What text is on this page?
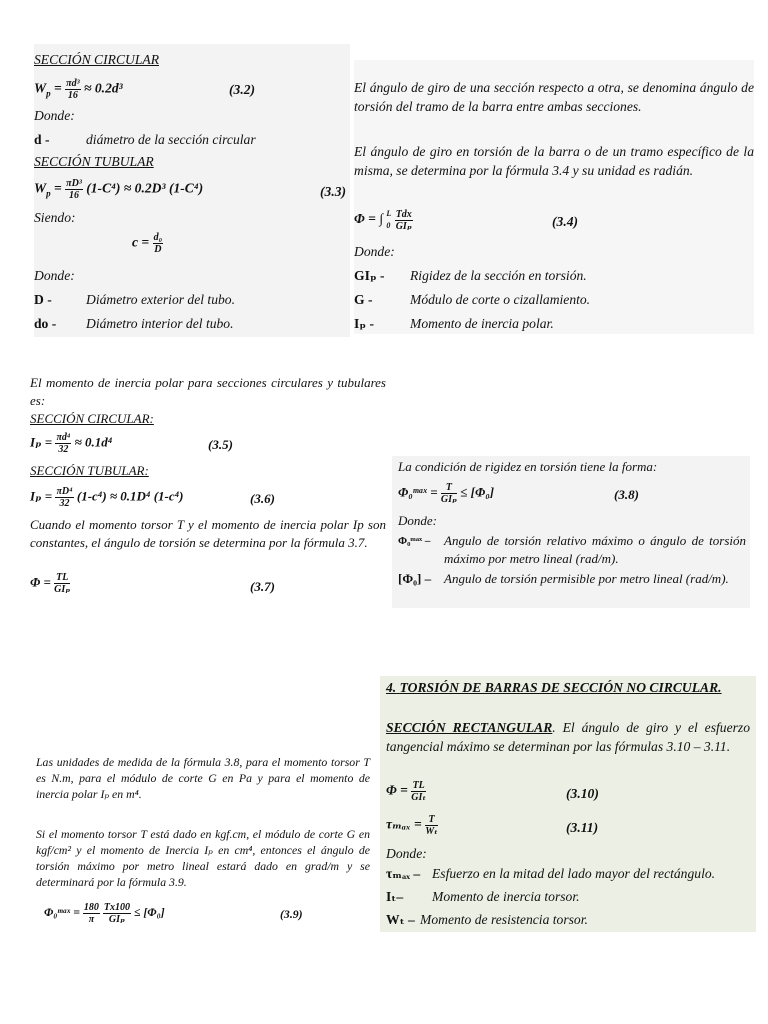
SECCIÓN CIRCULAR
$W_p = \frac{\text{πd³}}{16} \approx 0.2d^3$	(3.2)
Donde:
d -	diámetro de la sección circular
SECCIÓN TUBULAR
$W_p = \frac{\text{πD³}}{16} (1-C^4) \approx 0.2D^3$ (1-C⁴)	(3.3)
Siendo:
$c = \frac{\text{d₀}}{D}$
Donde:
D -	Diámetro exterior del tubo.
do - Diámetro interior del tubo.
El ángulo de giro de una sección respecto a otra, se denomina ángulo de torsión del tramo de la barra entre ambas secciones.
El ángulo de giro en torsión de la barra o de un tramo específico de la misma, se determina por la fórmula 3.4 y su unidad es radián.
Φ = ∫ L
0
$\frac{\text{Tdx}}{\text{GIₚ}}$	(3.4)
Donde:
GIₚ - Rigidez de la sección en torsión.
G -	Módulo de corte o cizallamiento.
Iₚ -	Momento de inercia polar.
El momento de inercia polar para secciones circulares y tubulares es:
SECCIÓN CIRCULAR:
$I_p = \frac{\text{πd⁴}}{32} \approx 0.1d^4$	(3.5)
SECCIÓN TUBULAR:
$I_p = \frac{\text{πD⁴}}{32} (1-c^4) \approx 0.1D^4$ (1-c⁴)	(3.6)
Cuando el momento torsor T y el momento de inercia polar Ip son constantes, el ángulo de torsión se determina por la fórmula 3.7.
$\Phi = \frac{TL}{\text{GIₚ}}$	(3.7)
La condición de rigidez en torsión tiene la forma:
Φ₀ᵐᵃˣ = $\frac{T}{\text{GIₚ}} \le [\Phi_0]$	(3.8)
Donde:
Φ₀ᵐᵃˣ – Angulo de torsión relativo máximo o ángulo de torsión máximo por metro lineal (rad/m).
[Φ₀] – Angulo de torsión permisible por metro lineal (rad/m).
Las unidades de medida de la fórmula 3.8, para el momento torsor T es N.m, para el módulo de corte G en Pa y para el momento de inercia polar Iₚ en m⁴.
Si el momento torsor T está dado en kgf.cm, el módulo de corte G en kgf/cm² y el momento de Inercia Iₚ en cm⁴, entonces el ángulo de torsión máximo por metro lineal estará dado en grad/m y se determinará por la fórmula 3.9.
Φ₀ᵐᵃˣ = $\frac{180}{\pi}$
$\frac{Tx100}{\text{GIₚ}} \le [\Phi_0]$	(3.9)
4. TORSIÓN DE BARRAS DE SECCIÓN NO CIRCULAR.
SECCIÓN RECTANGULAR. El ángulo de giro y el esfuerzo tangencial máximo se determinan por las fórmulas 3.10 – 3.11.
$\Phi = \frac{TL}{\text{GIₜ}}$	(3.10)
$\tau_{max} = \frac{T}{\text{Wₜ}}$	(3.11)
Donde:
τₘₐₓ – Esfuerzo en la mitad del lado mayor del rectángulo.
Iₜ– Momento de inercia torsor.
Wₜ – Momento de resistencia torsor.
